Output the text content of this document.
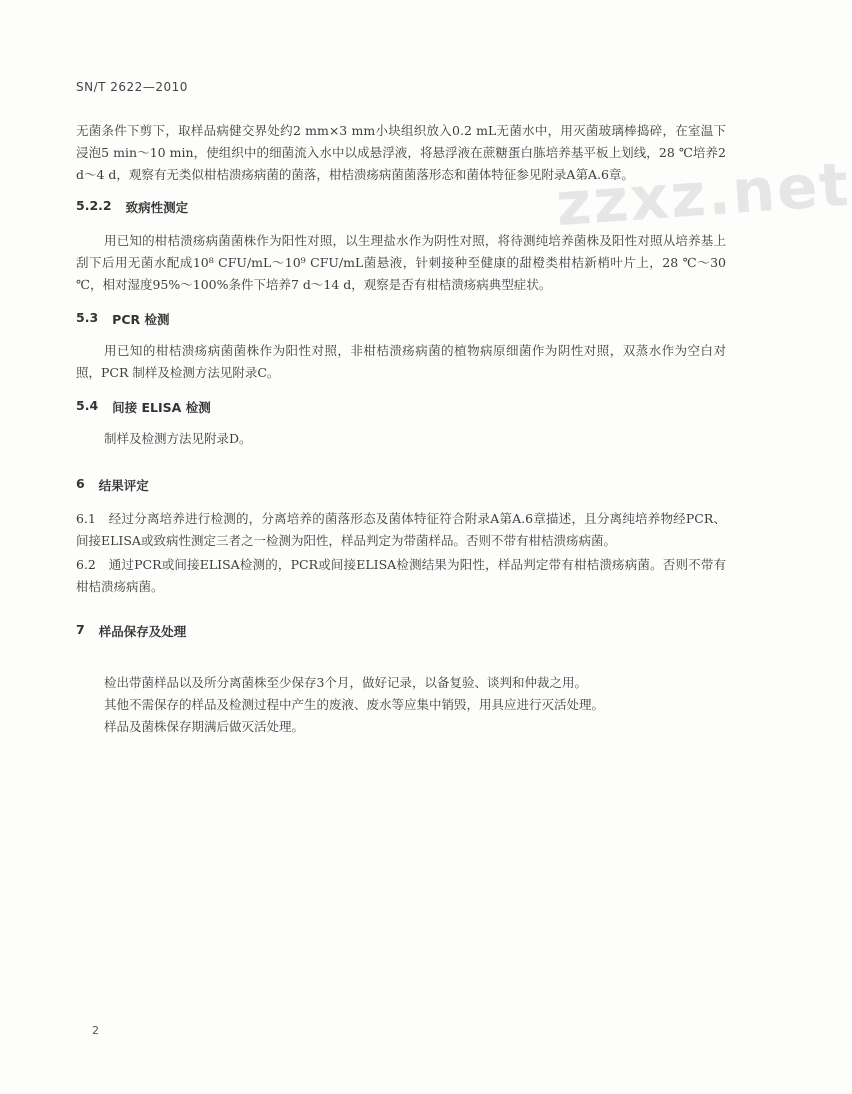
SN/T 2622—2010
zzxz.net

无菌条件下剪下，取样品病健交界处约2 mm×3 mm小块组织放入0.2 mL无菌水中，用灭菌玻璃棒捣碎，在室温下浸泡5 min～10 min，使组织中的细菌流入水中以成悬浮液，将悬浮液在蔗糖蛋白胨培养基平板上划线，28 ℃培养2 d～4 d，观察有无类似柑桔溃疡病菌的菌落，柑桔溃疡病菌菌落形态和菌体特征参见附录A第A.6章。

5.2.2 致病性测定

用已知的柑桔溃疡病菌菌株作为阳性对照，以生理盐水作为阴性对照，将待测纯培养菌株及阳性对照从培养基上刮下后用无菌水配成10⁸ CFU/mL～10⁹ CFU/mL菌悬液，针刺接种至健康的甜橙类柑桔新梢叶片上，28 ℃～30 ℃，相对湿度95%～100%条件下培养7 d～14 d，观察是否有柑桔溃疡病典型症状。

5.3 PCR 检测

用已知的柑桔溃疡病菌菌株作为阳性对照，非柑桔溃疡病菌的植物病原细菌作为阴性对照，双蒸水作为空白对照，PCR 制样及检测方法见附录C。

5.4 间接 ELISA 检测

制样及检测方法见附录D。

6 结果评定

6.1　经过分离培养进行检测的，分离培养的菌落形态及菌体特征符合附录A第A.6章描述，且分离纯培养物经PCR、间接ELISA或致病性测定三者之一检测为阳性，样品判定为带菌样品。否则不带有柑桔溃疡病菌。

6.2　通过PCR或间接ELISA检测的，PCR或间接ELISA检测结果为阳性，样品判定带有柑桔溃疡病菌。否则不带有柑桔溃疡病菌。

7 样品保存及处理

检出带菌样品以及所分离菌株至少保存3个月，做好记录，以备复验、谈判和仲裁之用。

其他不需保存的样品及检测过程中产生的废液、废水等应集中销毁，用具应进行灭活处理。

样品及菌株保存期满后做灭活处理。

2
